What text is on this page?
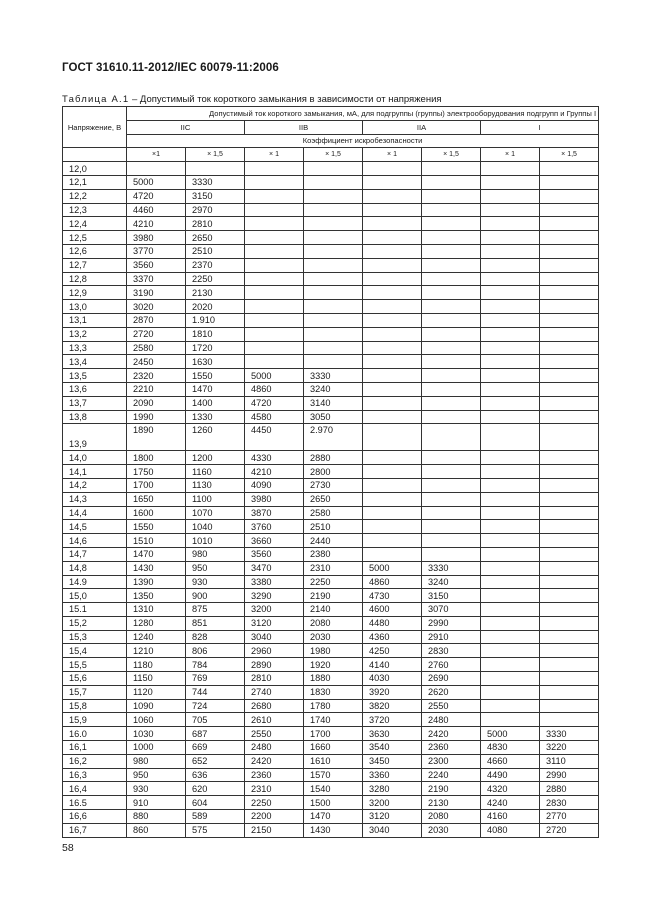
ГОСТ 31610.11-2012/IEC 60079-11:2006
Таблица А.1 – Допустимый ток короткого замыкания в зависимости от напряжения
Напряжение, В	Допустимый ток короткого замыкания, мА, для подгруппы (группы) электрооборудования подгрупп и Группы I							
	IIC		IIB		IIA		I	
	Коэффициент искробезопасности							
	×1	× 1,5	× 1	× 1,5	× 1	× 1,5	× 1	× 1,5
12,0								
12,1	5000	3330						
12,2	4720	3150						
12,3	4460	2970						
12,4	4210	2810						
12,5	3980	2650						
12,6	3770	2510						
12,7	3560	2370						
12,8	3370	2250						
12,9	3190	2130						
13,0	3020	2020						
13,1	2870	1.910						
13,2	2720	1810						
13,3	2580	1720						
13,4	2450	1630						
13,5	2320	1550	5000	3330				
13,6	2210	1470	4860	3240				
13,7	2090	1400	4720	3140				
13,8	1990	1330	4580	3050				
13,9	1890	1260	4450	2.970				
14,0	1800	1200	4330	2880				
14,1	1750	1160	4210	2800				
14,2	1700	1130	4090	2730				
14,3	1650	1100	3980	2650				
14,4	1600	1070	3870	2580				
14,5	1550	1040	3760	2510				
14,6	1510	1010	3660	2440				
14,7	1470	980	3560	2380				
14,8	1430	950	3470	2310	5000	3330		
14.9	1390	930	3380	2250	4860	3240		
15,0	1350	900	3290	2190	4730	3150		
15.1	1310	875	3200	2140	4600	3070		
15,2	1280	851	3120	2080	4480	2990		
15,3	1240	828	3040	2030	4360	2910		
15,4	1210	806	2960	1980	4250	2830		
15,5	1180	784	2890	1920	4140	2760		
15,6	1150	769	2810	1880	4030	2690		
15,7	1120	744	2740	1830	3920	2620		
15,8	1090	724	2680	1780	3820	2550		
15,9	1060	705	2610	1740	3720	2480		
16.0	1030	687	2550	1700	3630	2420	5000	3330
16,1	1000	669	2480	1660	3540	2360	4830	3220
16,2	980	652	2420	1610	3450	2300	4660	3110
16,3	950	636	2360	1570	3360	2240	4490	2990
16,4	930	620	2310	1540	3280	2190	4320	2880
16.5	910	604	2250	1500	3200	2130	4240	2830
16,6	880	589	2200	1470	3120	2080	4160	2770
16,7	860	575	2150	1430	3040	2030	4080	2720
58
